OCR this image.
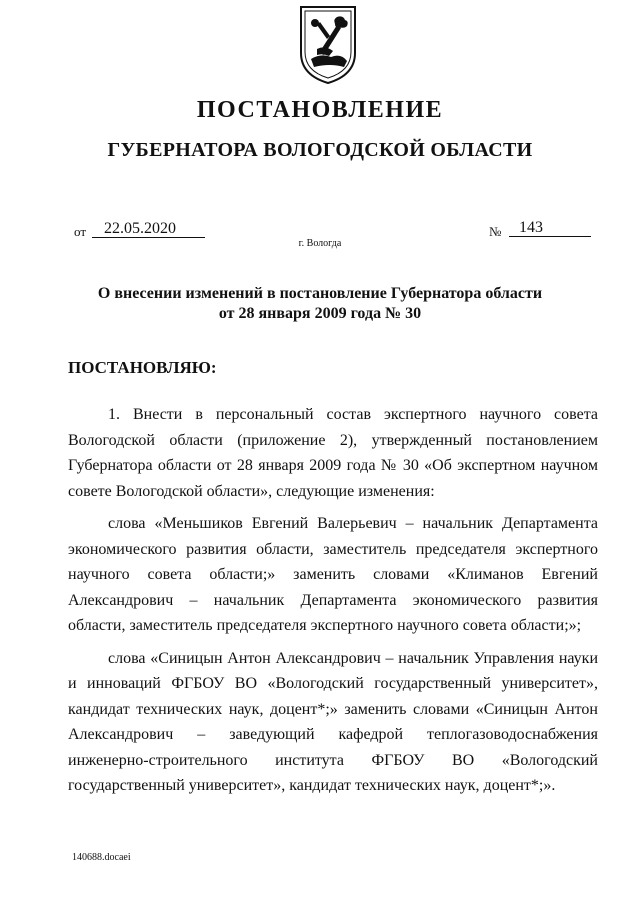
ПОСТАНОВЛЕНИЕ
ГУБЕРНАТОРА ВОЛОГОДСКОЙ ОБЛАСТИ
от	22.05.2020	№	143
г. Вологда
О внесении изменений в постановление Губернатора области
от 28 января 2009 года № 30
ПОСТАНОВЛЯЮ:

1. Внести в персональный состав экспертного научного совета Вологодской области (приложение 2), утвержденный постановлением Губернатора области от 28 января 2009 года № 30 «Об экспертном научном совете Вологодской области», следующие изменения:

слова «Меньшиков Евгений Валерьевич – начальник Департамента экономического развития области, заместитель председателя экспертного научного совета области;» заменить словами «Климанов Евгений Александрович – начальник Департамента экономического развития области, заместитель председателя экспертного научного совета области;»;

слова «Синицын Антон Александрович – начальник Управления науки и инноваций ФГБОУ ВО «Вологодский государственный университет», кандидат технических наук, доцент*;» заменить словами «Синицын Антон Александрович – заведующий кафедрой теплогазоводоснабжения инженерно-строительного института ФГБОУ ВО «Вологодский государственный университет», кандидат технических наук, доцент*;».

140688.docaei
